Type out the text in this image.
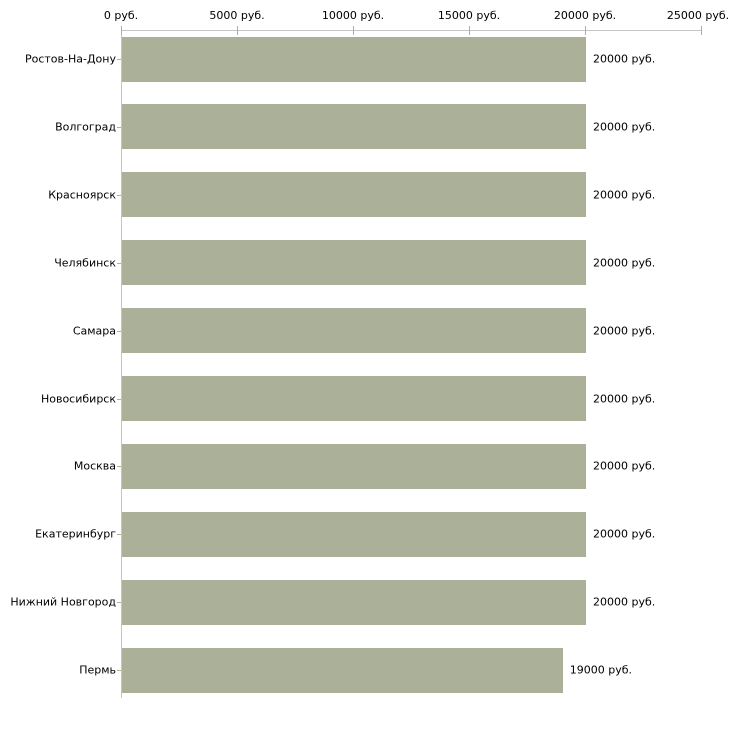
0 руб.	5000 руб.	10000 руб.	15000 руб.	20000 руб.	25000 руб.
Ростов-На-Дону	20000 руб.
Волгоград	20000 руб.
Красноярск	20000 руб.
Челябинск	20000 руб.
Самара	20000 руб.
Новосибирск	20000 руб.
Москва	20000 руб.
Екатеринбург	20000 руб.
Нижний Новгород	20000 руб.
Пермь	19000 руб.
